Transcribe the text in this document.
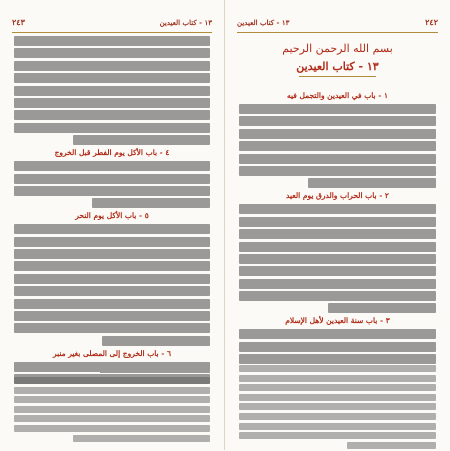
١٣ - كتاب العيدين
٢٤٣
٤ - باب الأكل يوم الفطر قبل الخروج
٥ - باب الأكل يوم النحر
٦ - باب الخروج إلى المصلى بغير منبر
٢٤٢
١٣ - كتاب العيدين
بسم الله الرحمن الرحيم
١٣ - كتاب العيدين
١ - باب في العيدين والتجمل فيه
٢ - باب الحراب والدرق يوم العيد
٣ - باب سنة العيدين لأهل الإسلام
